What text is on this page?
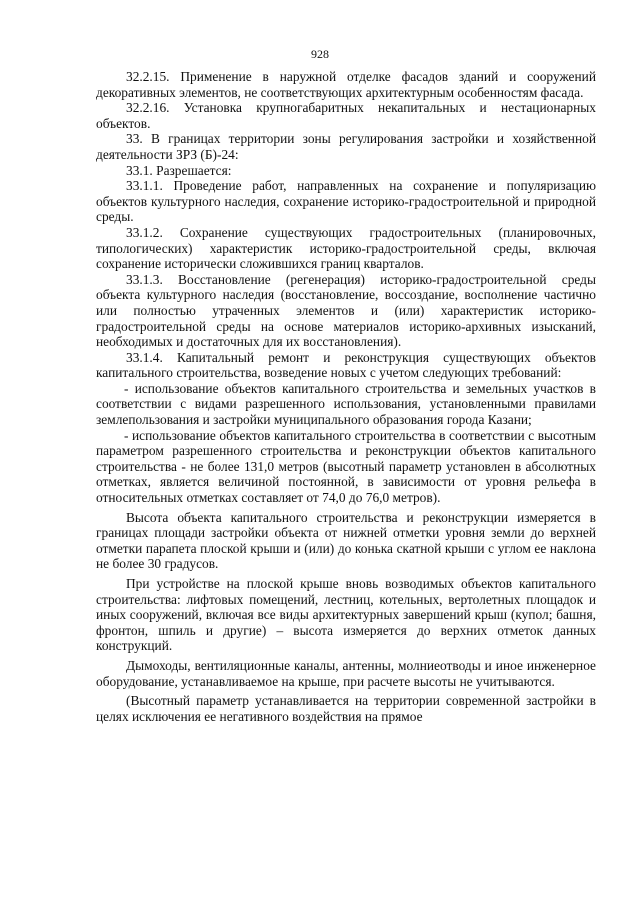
928

32.2.15. Применение в наружной отделке фасадов зданий и сооружений декоративных элементов, не соответствующих архитектурным особенностям фасада.

32.2.16. Установка крупногабаритных некапитальных и нестационарных объектов.

33. В границах территории зоны регулирования застройки и хозяйственной деятельности ЗРЗ (Б)-24:

33.1. Разрешается:

33.1.1. Проведение работ, направленных на сохранение и популяризацию объектов культурного наследия, сохранение историко-градостроительной и природной среды.

33.1.2. Сохранение существующих градостроительных (планировочных, типологических) характеристик историко-градостроительной среды, включая сохранение исторически сложившихся границ кварталов.

33.1.3. Восстановление (регенерация) историко-градостроительной среды объекта культурного наследия (восстановление, воссоздание, восполнение частично или полностью утраченных элементов и (или) характеристик историко-градостроительной среды на основе материалов историко-архивных изысканий, необходимых и достаточных для их восстановления).

33.1.4. Капитальный ремонт и реконструкция существующих объектов капитального строительства, возведение новых с учетом следующих требований:

- использование объектов капитального строительства и земельных участков в соответствии с видами разрешенного использования, установленными правилами землепользования и застройки муниципального образования города Казани;

- использование объектов капитального строительства в соответствии с высотным параметром разрешенного строительства и реконструкции объектов капитального строительства - не более 131,0 метров (высотный параметр установлен в абсолютных отметках, является величиной постоянной, в зависимости от уровня рельефа в относительных отметках составляет от 74,0 до 76,0 метров).

Высота объекта капитального строительства и реконструкции измеряется в границах площади застройки объекта от нижней отметки уровня земли до верхней отметки парапета плоской крыши и (или) до конька скатной крыши с углом ее наклона не более 30 градусов.

При устройстве на плоской крыше вновь возводимых объектов капитального строительства: лифтовых помещений, лестниц, котельных, вертолетных площадок и иных сооружений, включая все виды архитектурных завершений крыш (купол; башня, фронтон, шпиль и другие) – высота измеряется до верхних отметок данных конструкций.

Дымоходы, вентиляционные каналы, антенны, молниеотводы и иное инженерное оборудование, устанавливаемое на крыше, при расчете высоты не учитываются.

(Высотный параметр устанавливается на территории современной застройки в целях исключения ее негативного воздействия на прямое
